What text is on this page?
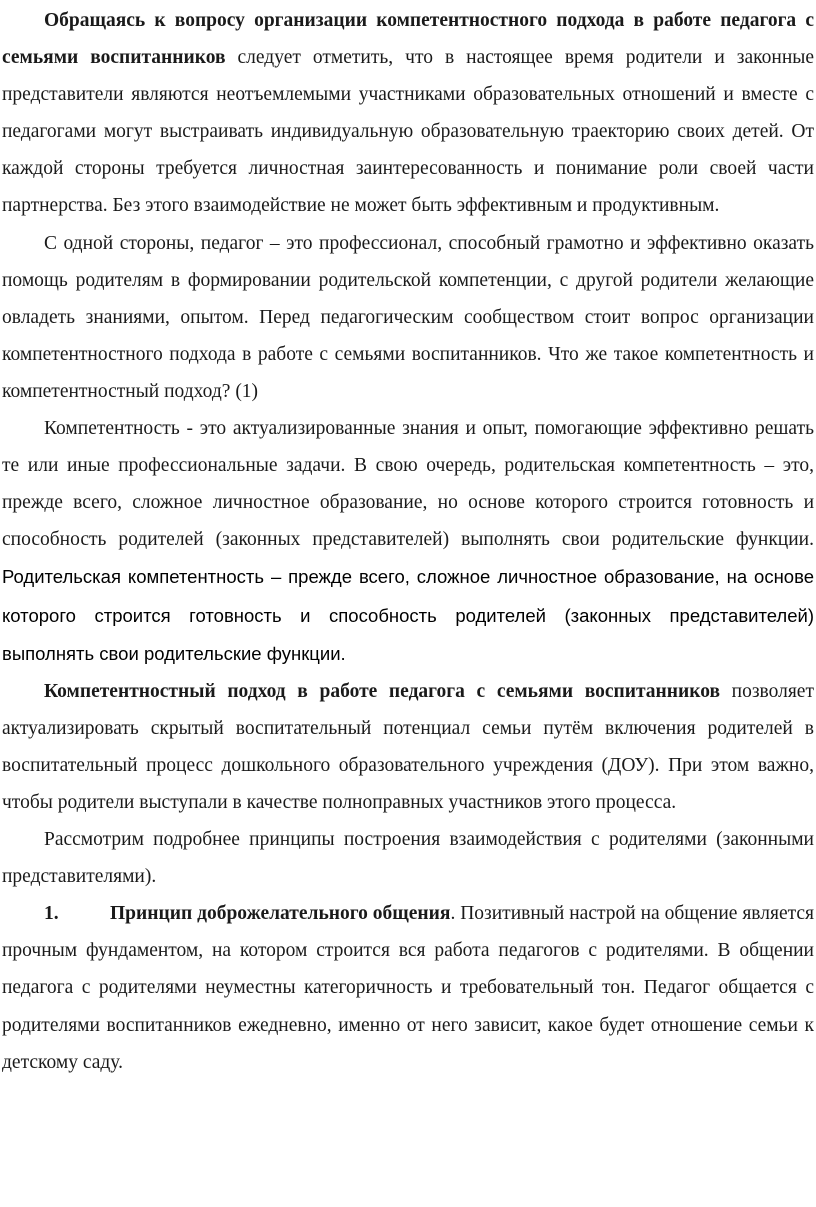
Обращаясь к вопросу организации компетентностного подхода в работе педагога с семьями воспитанников следует отметить, что в настоящее время родители и законные представители являются неотъемлемыми участниками образовательных отношений и вместе с педагогами могут выстраивать индивидуальную образовательную траекторию своих детей. От каждой стороны требуется личностная заинтересованность и понимание роли своей части партнерства. Без этого взаимодействие не может быть эффективным и продуктивным.

С одной стороны, педагог – это профессионал, способный грамотно и эффективно оказать помощь родителям в формировании родительской компетенции, с другой родители желающие овладеть знаниями, опытом. Перед педагогическим сообществом стоит вопрос организации компетентностного подхода в работе с семьями воспитанников. Что же такое компетентность и компетентностный подход? (1)

Компетентность - это актуализированные знания и опыт, помогающие эффективно решать те или иные профессиональные задачи. В свою очередь, родительская компетентность – это, прежде всего, сложное личностное образование, но основе которого строится готовность и способность родителей (законных представителей) выполнять свои родительские функции. Родительская компетентность – прежде всего, сложное личностное образование, на основе которого строится готовность и способность родителей (законных представителей) выполнять свои родительские функции.

Компетентностный подход в работе педагога с семьями воспитанников позволяет актуализировать скрытый воспитательный потенциал семьи путём включения родителей в воспитательный процесс дошкольного образовательного учреждения (ДОУ). При этом важно, чтобы родители выступали в качестве полноправных участников этого процесса.

Рассмотрим подробнее принципы построения взаимодействия с родителями (законными представителями).

1.	Принцип доброжелательного общения. Позитивный настрой на общение является прочным фундаментом, на котором строится вся работа педагогов с родителями. В общении педагога с родителями неуместны категоричность и требовательный тон. Педагог общается с родителями воспитанников ежедневно, именно от него зависит, какое будет отношение семьи к детскому саду.
